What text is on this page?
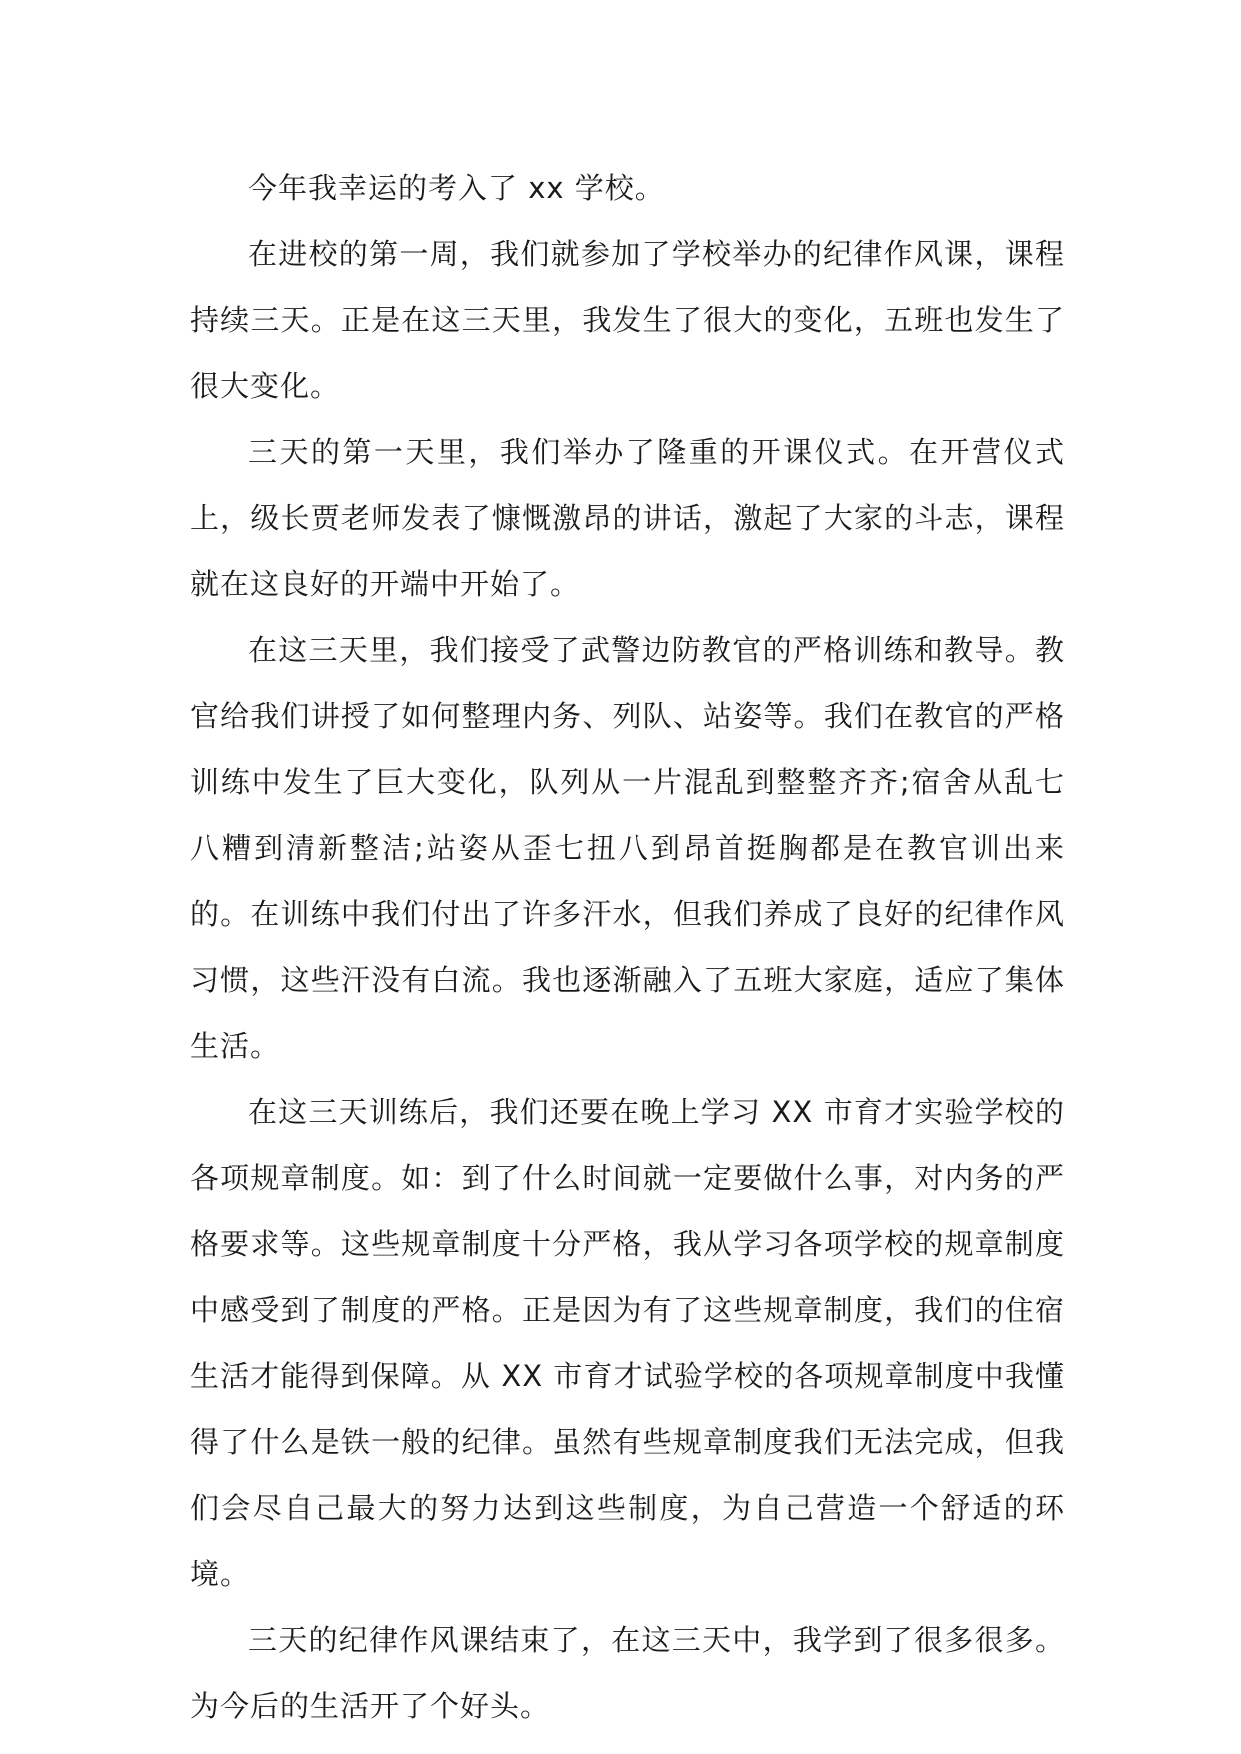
今年我幸运的考入了 xx 学校。

在进校的第一周，我们就参加了学校举办的纪律作风课，课程持续三天。正是在这三天里，我发生了很大的变化，五班也发生了很大变化。

三天的第一天里，我们举办了隆重的开课仪式。在开营仪式上，级长贾老师发表了慷慨激昂的讲话，激起了大家的斗志，课程就在这良好的开端中开始了。

在这三天里，我们接受了武警边防教官的严格训练和教导。教官给我们讲授了如何整理内务、列队、站姿等。我们在教官的严格训练中发生了巨大变化，队列从一片混乱到整整齐齐;宿舍从乱七八糟到清新整洁;站姿从歪七扭八到昂首挺胸都是在教官训出来的。在训练中我们付出了许多汗水，但我们养成了良好的纪律作风习惯，这些汗没有白流。我也逐渐融入了五班大家庭，适应了集体生活。

在这三天训练后，我们还要在晚上学习 XX 市育才实验学校的各项规章制度。如：到了什么时间就一定要做什么事，对内务的严格要求等。这些规章制度十分严格，我从学习各项学校的规章制度中感受到了制度的严格。正是因为有了这些规章制度，我们的住宿生活才能得到保障。从 XX 市育才试验学校的各项规章制度中我懂得了什么是铁一般的纪律。虽然有些规章制度我们无法完成，但我们会尽自己最大的努力达到这些制度，为自己营造一个舒适的环境。

三天的纪律作风课结束了，在这三天中，我学到了很多很多。为今后的生活开了个好头。
